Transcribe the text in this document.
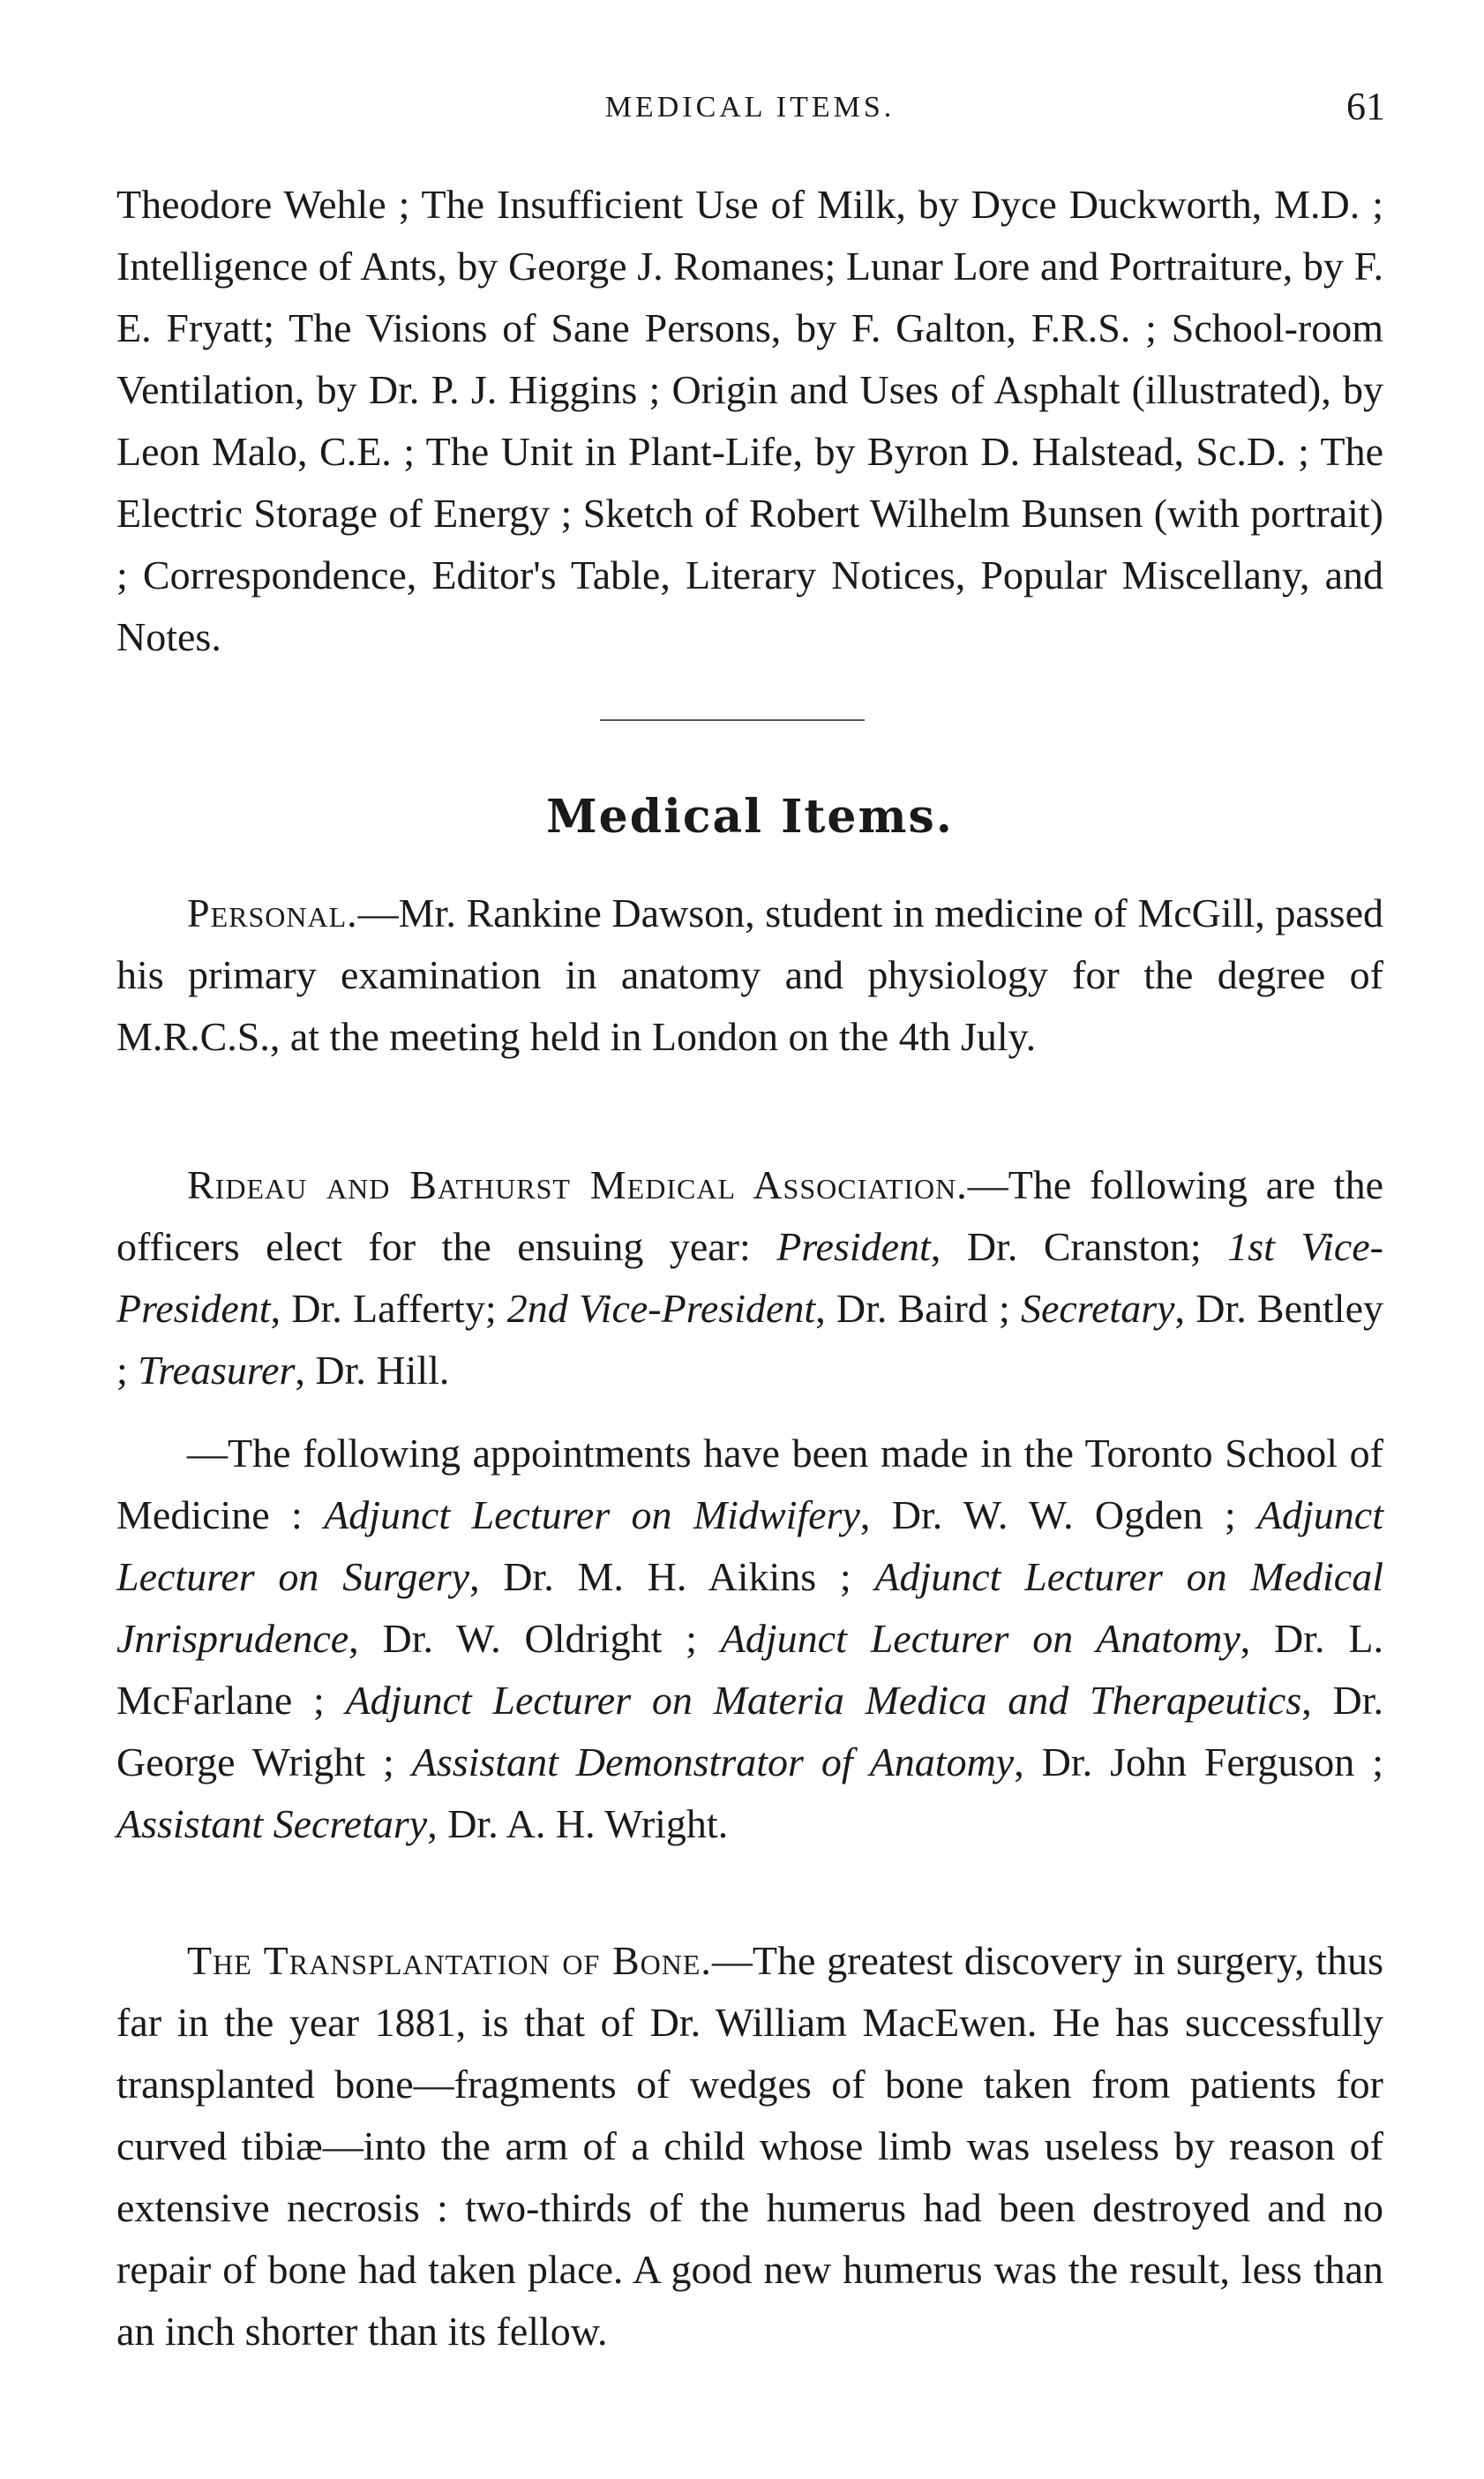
MEDICAL ITEMS.	61

Theodore Wehle ; The Insufficient Use of Milk, by Dyce Duckworth, M.D. ; Intelligence of Ants, by George J. Romanes; Lunar Lore and Portraiture, by F. E. Fryatt; The Visions of Sane Persons, by F. Galton, F.R.S. ; School-room Ventilation, by Dr. P. J. Higgins ; Origin and Uses of Asphalt (illustrated), by Leon Malo, C.E. ; The Unit in Plant-Life, by Byron D. Halstead, Sc.D. ; The Electric Storage of Energy ; Sketch of Robert Wilhelm Bunsen (with portrait) ; Correspondence, Editor's Table, Literary Notices, Popular Miscellany, and Notes.

Medical Items.

Personal.—Mr. Rankine Dawson, student in medicine of McGill, passed his primary examination in anatomy and physiology for the degree of M.R.C.S., at the meeting held in London on the 4th July.

Rideau and Bathurst Medical Association.—The following are the officers elect for the ensuing year: President, Dr. Cranston; 1st Vice-President, Dr. Lafferty; 2nd Vice-President, Dr. Baird ; Secretary, Dr. Bentley ; Treasurer, Dr. Hill.

—The following appointments have been made in the Toronto School of Medicine : Adjunct Lecturer on Midwifery, Dr. W. W. Ogden ; Adjunct Lecturer on Surgery, Dr. M. H. Aikins ; Adjunct Lecturer on Medical Jnrisprudence, Dr. W. Oldright ; Adjunct Lecturer on Anatomy, Dr. L. McFarlane ; Adjunct Lecturer on Materia Medica and Therapeutics, Dr. George Wright ; Assistant Demonstrator of Anatomy, Dr. John Ferguson ; Assistant Secretary, Dr. A. H. Wright.

The Transplantation of Bone.—The greatest discovery in surgery, thus far in the year 1881, is that of Dr. William MacEwen. He has successfully transplanted bone—fragments of wedges of bone taken from patients for curved tibiæ—into the arm of a child whose limb was useless by reason of extensive necrosis : two-thirds of the humerus had been destroyed and no repair of bone had taken place. A good new humerus was the result, less than an inch shorter than its fellow.
